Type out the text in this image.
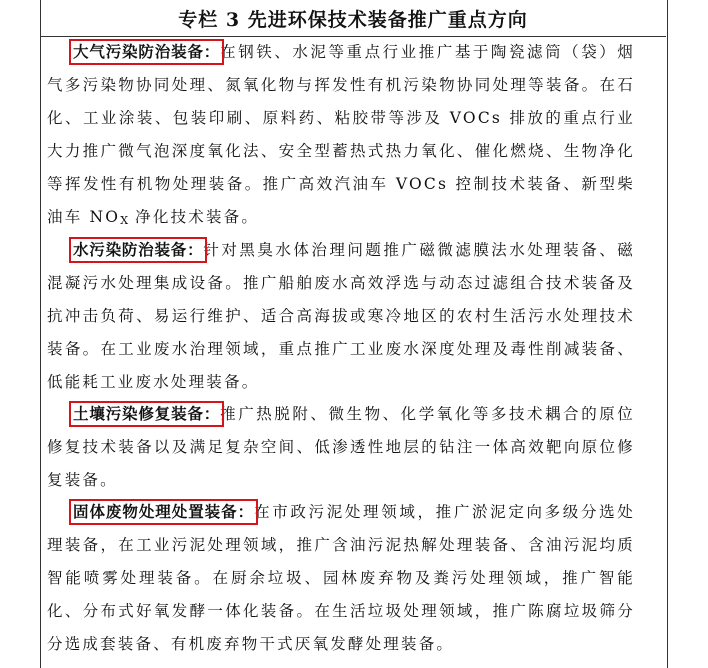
专栏 3 先进环保技术装备推广重点方向
大气污染防治装备：在钢铁、水泥等重点行业推广基于陶瓷滤筒（袋）烟气多污染物协同处理、氮氧化物与挥发性有机污染物协同处理等装备。在石化、工业涂装、包装印刷、原料药、粘胶带等涉及 VOCs 排放的重点行业大力推广微气泡深度氧化法、安全型蓄热式热力氧化、催化燃烧、生物净化等挥发性有机物处理装备。推广高效汽油车 VOCs 控制技术装备、新型柴油车 NOX 净化技术装备。
水污染防治装备：针对黑臭水体治理问题推广磁微滤膜法水处理装备、磁混凝污水处理集成设备。推广船舶废水高效浮选与动态过滤组合技术装备及抗冲击负荷、易运行维护、适合高海拔或寒冷地区的农村生活污水处理技术装备。在工业废水治理领域，重点推广工业废水深度处理及毒性削减装备、低能耗工业废水处理装备。
土壤污染修复装备：推广热脱附、微生物、化学氧化等多技术耦合的原位修复技术装备以及满足复杂空间、低渗透性地层的钻注一体高效靶向原位修复装备。
固体废物处理处置装备：在市政污泥处理领域，推广淤泥定向多级分选处理装备，在工业污泥处理领域，推广含油污泥热解处理装备、含油污泥均质智能喷雾处理装备。在厨余垃圾、园林废弃物及粪污处理领域，推广智能化、分布式好氧发酵一体化装备。在生活垃圾处理领域，推广陈腐垃圾筛分分选成套装备、有机废弃物干式厌氧发酵处理装备。
